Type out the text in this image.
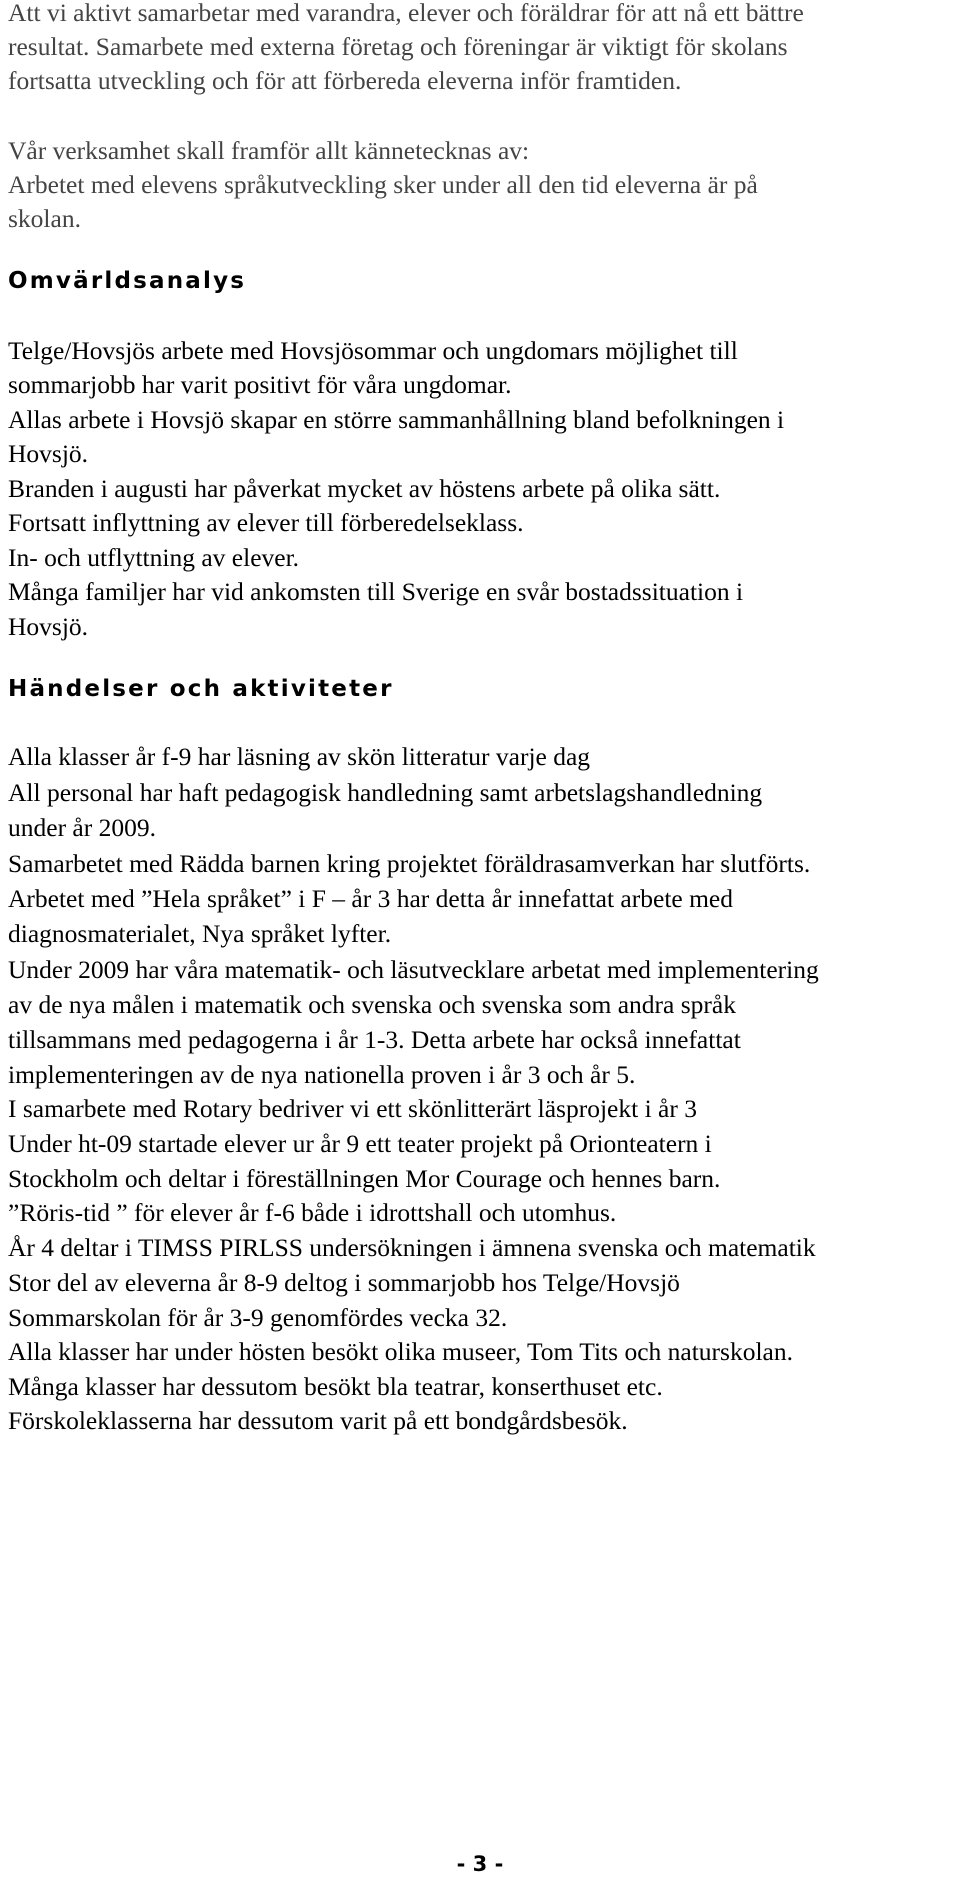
Att vi aktivt samarbetar med varandra, elever och föräldrar för att nå ett bättre

resultat. Samarbete med externa företag och föreningar är viktigt för skolans

fortsatta utveckling och för att förbereda eleverna inför framtiden.

Vår verksamhet skall framför allt kännetecknas av:

Arbetet med elevens språkutveckling sker under all den tid eleverna är på

skolan.

Omvärldsanalys

Telge/Hovsjös arbete med Hovsjösommar och ungdomars möjlighet till

sommarjobb har varit positivt för våra ungdomar.

Allas arbete i Hovsjö skapar en större sammanhållning bland befolkningen i

Hovsjö.

Branden i augusti har påverkat mycket av höstens arbete på olika sätt.

Fortsatt inflyttning av elever till förberedelseklass.

In- och utflyttning av elever.

Många familjer har vid ankomsten till Sverige en svår bostadssituation i

Hovsjö.

Händelser och aktiviteter

Alla klasser år f-9 har läsning av skön litteratur varje dag

All personal har haft pedagogisk handledning samt arbetslagshandledning

under år 2009.

Samarbetet med Rädda barnen kring projektet föräldrasamverkan har slutförts.

Arbetet med ”Hela språket” i F – år 3 har detta år innefattat arbete med

diagnosmaterialet, Nya språket lyfter.

Under 2009 har våra matematik- och läsutvecklare arbetat med implementering

av de nya målen i matematik och svenska och svenska som andra språk

tillsammans med pedagogerna i år 1-3. Detta arbete har också innefattat

implementeringen av de nya nationella proven i år 3 och år 5.

I samarbete med Rotary bedriver vi ett skönlitterärt läsprojekt i år 3

Under ht-09 startade elever ur år 9 ett teater projekt på Orionteatern i

Stockholm och deltar i föreställningen Mor Courage och hennes barn.

”Röris-tid ” för elever år f-6 både i idrottshall och utomhus.

År 4 deltar i TIMSS PIRLSS undersökningen i ämnena svenska och matematik

Stor del av eleverna år 8-9 deltog i sommarjobb hos Telge/Hovsjö

Sommarskolan för år 3-9 genomfördes vecka 32.

Alla klasser har under hösten besökt olika museer, Tom Tits och naturskolan.

Många klasser har dessutom besökt bla teatrar, konserthuset etc.

Förskoleklasserna har dessutom varit på ett bondgårdsbesök.

- 3 -
